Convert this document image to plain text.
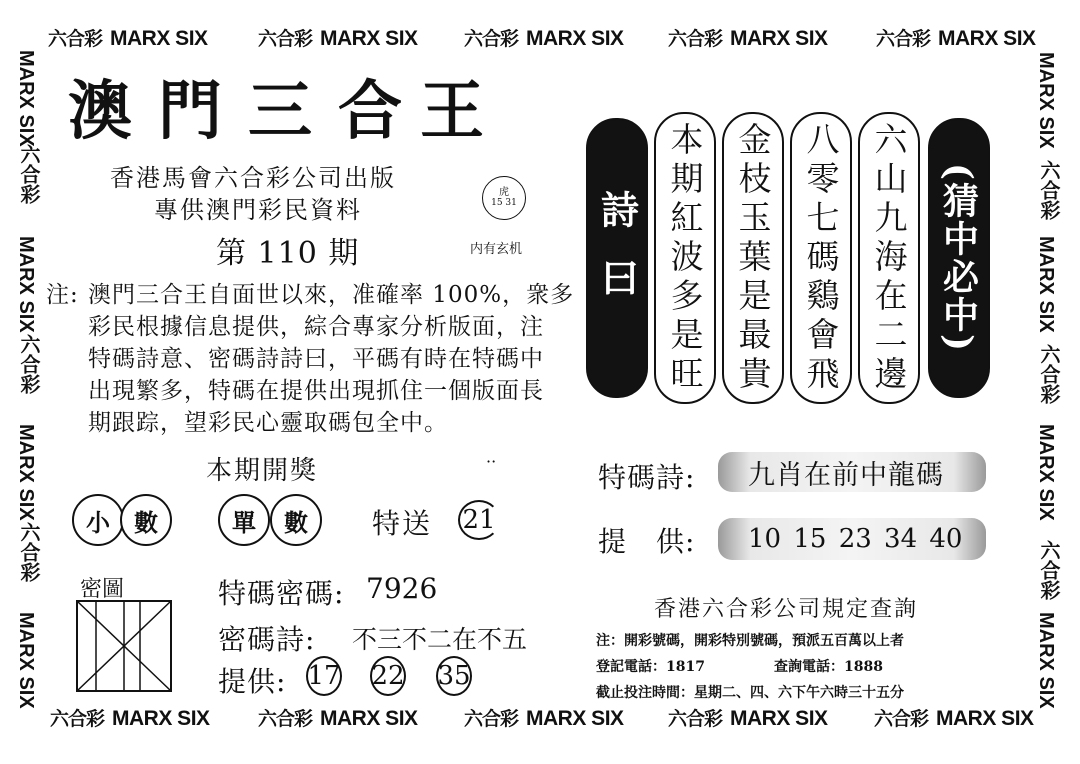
六合彩 MARX SIX	六合彩 MARX SIX 六合彩 MARX SIX 六合彩 MARX SIX	六合彩 MARX SIX
六合彩 MARX SIX	六合彩 MARX SIX 六合彩 MARX SIX 六合彩 MARX SIX 六合彩 MARX SIX
MARX SIX
六合彩
MARX SIX
六合彩
MARX SIX
六合彩
MARX SIX
MARX SIX
六合彩
MARX SIX
六合彩
MARX SIX
六合彩
MARX SIX
澳 門 三 合 王
香港馬會六合彩公司出版
專供澳門彩民資料
虎
15 31
内有玄机
第 110 期
注: 澳門三合王自面世以來，准確率 100%，衆多
彩民根據信息提供，綜合專家分析版面，注
特碼詩意、密碼詩詩曰，平碼有時在特碼中
出現繁多，特碼在提供出現抓住一個版面長
期跟踪，望彩民心靈取碼包全中。
詩曰 本期紅波多是旺 金枝玉葉是最貴 八零七碼鷄會飛 六山九海在二邊 (猜中必中)
本期開獎	··
小	數	單	數	特送 21
密圖	特碼密碼: 7926
密碼詩: 不三不二在不五
提供: 17 22 35
特碼詩:	九肖在前中龍碼
提　供:	10 15 23 34 40
香港六合彩公司規定查詢
注：開彩號碼，開彩特別號碼，預派五百萬以上者
登記電話：1817	查詢電話：1888
截止投注時間：星期二、四、六下午六時三十五分
